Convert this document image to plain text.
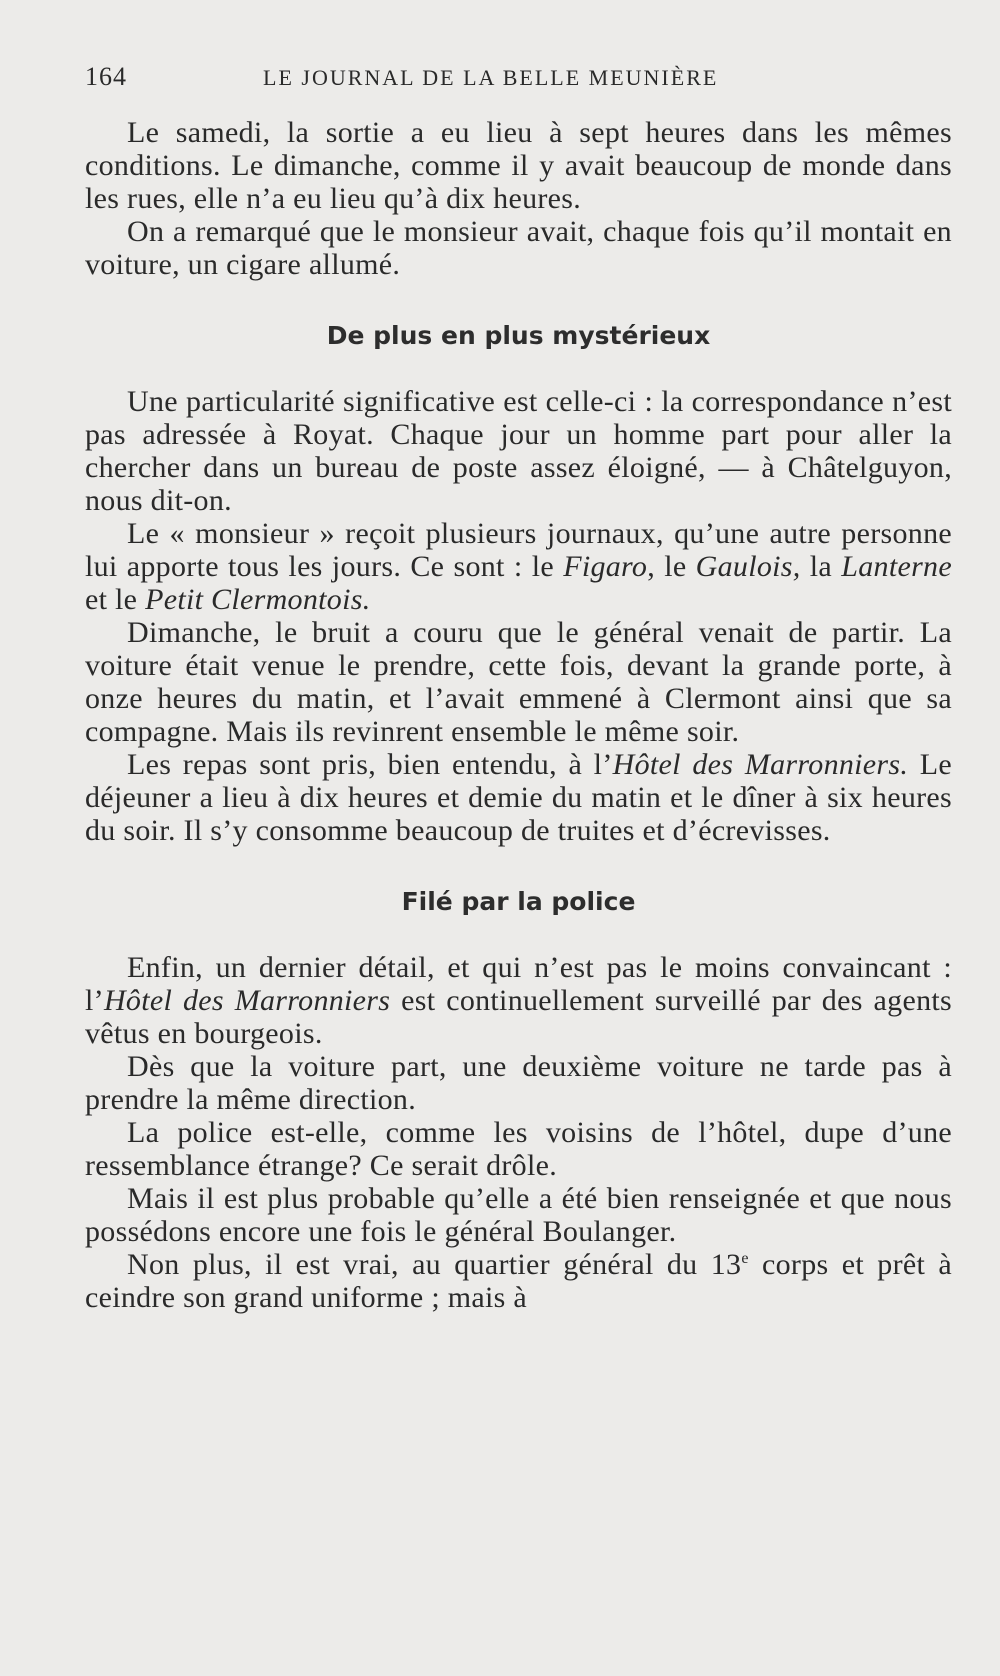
164	LE JOURNAL DE LA BELLE MEUNIÈRE

Le samedi, la sortie a eu lieu à sept heures dans les mêmes conditions. Le dimanche, comme il y avait beaucoup de monde dans les rues, elle n’a eu lieu qu’à dix heures.

On a remarqué que le monsieur avait, chaque fois qu’il montait en voiture, un cigare allumé.

De plus en plus mystérieux

Une particularité significative est celle-ci : la correspondance n’est pas adressée à Royat. Chaque jour un homme part pour aller la chercher dans un bureau de poste assez éloigné, — à Châtelguyon, nous dit-on.

Le « monsieur » reçoit plusieurs journaux, qu’une autre personne lui apporte tous les jours. Ce sont : le Figaro, le Gaulois, la Lanterne et le Petit Clermontois.

Dimanche, le bruit a couru que le général venait de partir. La voiture était venue le prendre, cette fois, devant la grande porte, à onze heures du matin, et l’avait emmené à Clermont ainsi que sa compagne. Mais ils revinrent ensemble le même soir.

Les repas sont pris, bien entendu, à l’Hôtel des Marronniers. Le déjeuner a lieu à dix heures et demie du matin et le dîner à six heures du soir. Il s’y consomme beaucoup de truites et d’écrevisses.

Filé par la police

Enfin, un dernier détail, et qui n’est pas le moins convaincant : l’Hôtel des Marronniers est continuellement surveillé par des agents vêtus en bourgeois.

Dès que la voiture part, une deuxième voiture ne tarde pas à prendre la même direction.

La police est-elle, comme les voisins de l’hôtel, dupe d’une ressemblance étrange? Ce serait drôle.

Mais il est plus probable qu’elle a été bien renseignée et que nous possédons encore une fois le général Boulanger.

Non plus, il est vrai, au quartier général du 13e corps et prêt à ceindre son grand uniforme ; mais à
